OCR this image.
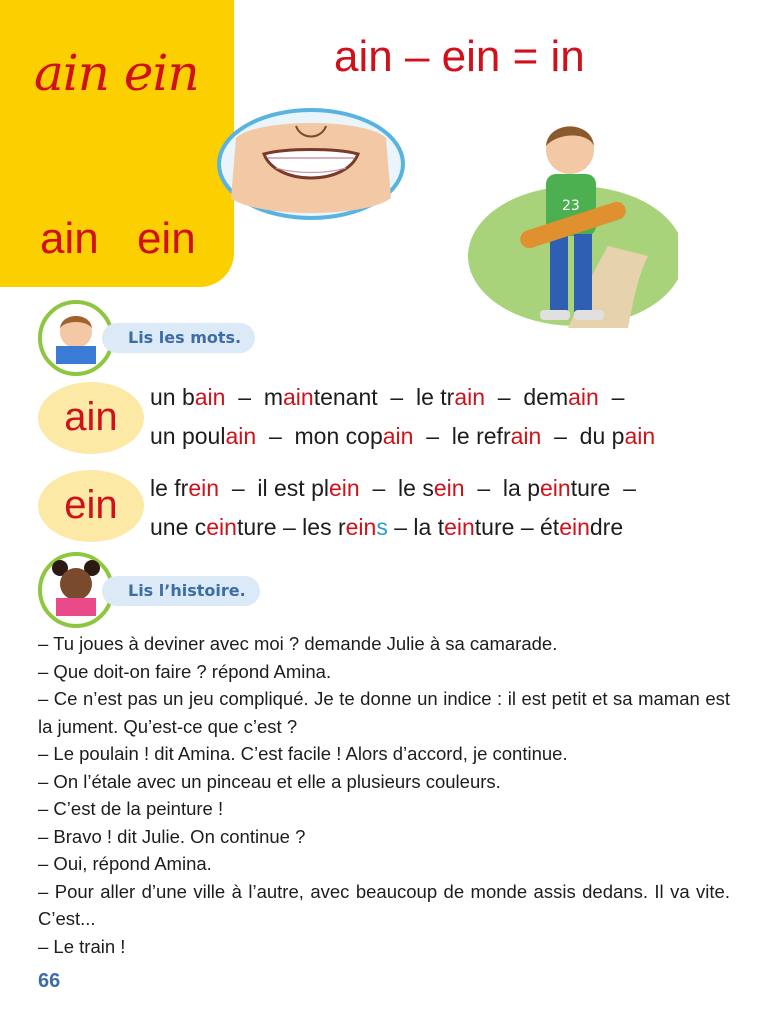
ain ein
ain ein
ain – ein = in
23
Lis les mots.
ain	un bain  –  maintenant  –  le train  –  demain  –
un poulain  –  mon copain  –  le refrain  –  du pain
ein	le frein  –  il est plein  –  le sein  –  la peinture  –
une ceinture – les reins – la teinture – éteindre
Lis l’histoire.

– Tu joues à deviner avec moi ? demande Julie à sa camarade.

– Que doit-on faire ? répond Amina.

– Ce n’est pas un jeu compliqué. Je te donne un indice : il est petit et sa maman est la jument. Qu’est-ce que c’est ?

– Le poulain ! dit Amina. C’est facile ! Alors d’accord, je continue.

– On l’étale avec un pinceau et elle a plusieurs couleurs.

– C’est de la peinture !

– Bravo ! dit Julie. On continue ?

– Oui, répond Amina.

– Pour aller d’une ville à l’autre, avec beaucoup de monde assis dedans. Il va vite. C’est...

– Le train !

66
